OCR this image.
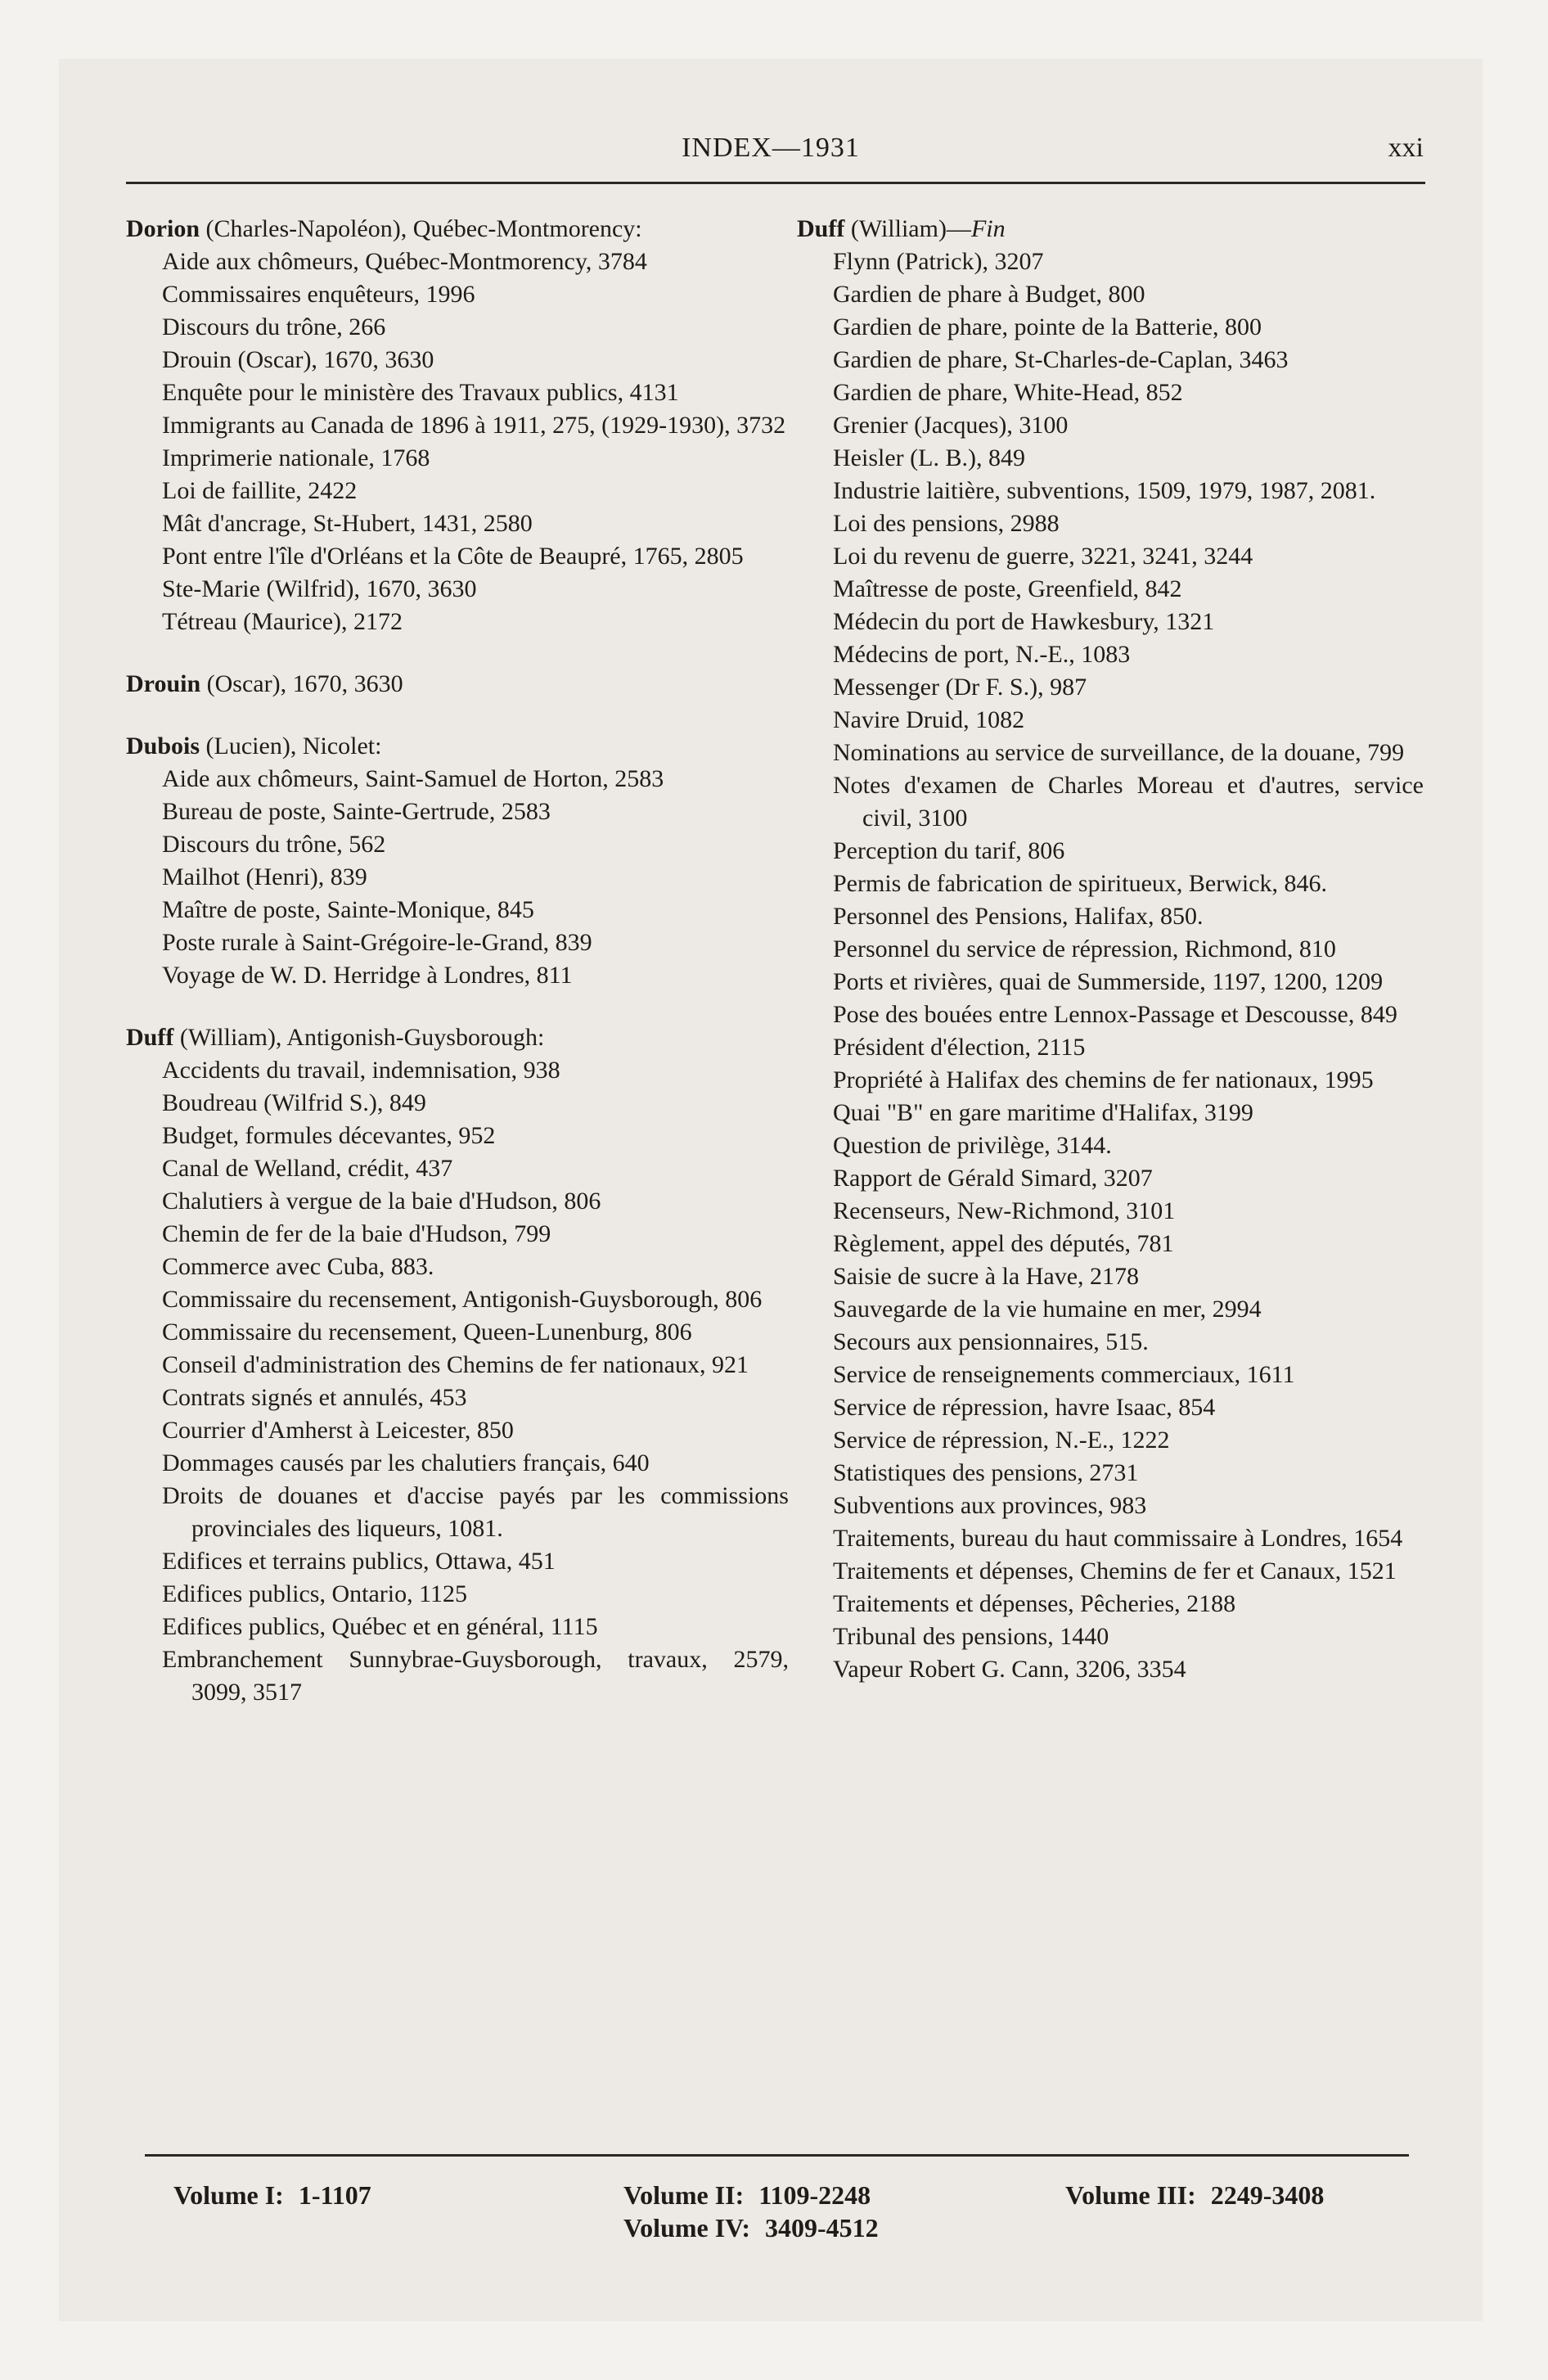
INDEX—1931	xxi
Dorion (Charles-Napoléon), Québec-Montmorency:
Aide aux chômeurs, Québec-Montmorency, 3784
Commissaires enquêteurs, 1996
Discours du trône, 266
Drouin (Oscar), 1670, 3630
Enquête pour le ministère des Travaux publics, 4131
Immigrants au Canada de 1896 à 1911, 275, (1929-1930), 3732
Imprimerie nationale, 1768
Loi de faillite, 2422
Mât d'ancrage, St-Hubert, 1431, 2580
Pont entre l'île d'Orléans et la Côte de Beaupré, 1765, 2805
Ste-Marie (Wilfrid), 1670, 3630
Tétreau (Maurice), 2172
Drouin (Oscar), 1670, 3630
Dubois (Lucien), Nicolet:
Aide aux chômeurs, Saint-Samuel de Horton, 2583
Bureau de poste, Sainte-Gertrude, 2583
Discours du trône, 562
Mailhot (Henri), 839
Maître de poste, Sainte-Monique, 845
Poste rurale à Saint-Grégoire-le-Grand, 839
Voyage de W. D. Herridge à Londres, 811
Duff (William), Antigonish-Guysborough:
Accidents du travail, indemnisation, 938
Boudreau (Wilfrid S.), 849
Budget, formules décevantes, 952
Canal de Welland, crédit, 437
Chalutiers à vergue de la baie d'Hudson, 806
Chemin de fer de la baie d'Hudson, 799
Commerce avec Cuba, 883.
Commissaire du recensement, Antigonish-Guysborough, 806
Commissaire du recensement, Queen-Lunenburg, 806
Conseil d'administration des Chemins de fer nationaux, 921
Contrats signés et annulés, 453
Courrier d'Amherst à Leicester, 850
Dommages causés par les chalutiers français, 640
Droits de douanes et d'accise payés par les commissions provinciales des liqueurs, 1081.
Edifices et terrains publics, Ottawa, 451
Edifices publics, Ontario, 1125
Edifices publics, Québec et en général, 1115
Embranchement Sunnybrae-Guysborough, travaux, 2579, 3099, 3517
Duff (William)—Fin
Flynn (Patrick), 3207
Gardien de phare à Budget, 800
Gardien de phare, pointe de la Batterie, 800
Gardien de phare, St-Charles-de-Caplan, 3463
Gardien de phare, White-Head, 852
Grenier (Jacques), 3100
Heisler (L. B.), 849
Industrie laitière, subventions, 1509, 1979, 1987, 2081.
Loi des pensions, 2988
Loi du revenu de guerre, 3221, 3241, 3244
Maîtresse de poste, Greenfield, 842
Médecin du port de Hawkesbury, 1321
Médecins de port, N.-E., 1083
Messenger (Dr F. S.), 987
Navire Druid, 1082
Nominations au service de surveillance, de la douane, 799
Notes d'examen de Charles Moreau et d'autres, service civil, 3100
Perception du tarif, 806
Permis de fabrication de spiritueux, Berwick, 846.
Personnel des Pensions, Halifax, 850.
Personnel du service de répression, Richmond, 810
Ports et rivières, quai de Summerside, 1197, 1200, 1209
Pose des bouées entre Lennox-Passage et Descousse, 849
Président d'élection, 2115
Propriété à Halifax des chemins de fer nationaux, 1995
Quai "B" en gare maritime d'Halifax, 3199
Question de privilège, 3144.
Rapport de Gérald Simard, 3207
Recenseurs, New-Richmond, 3101
Règlement, appel des députés, 781
Saisie de sucre à la Have, 2178
Sauvegarde de la vie humaine en mer, 2994
Secours aux pensionnaires, 515.
Service de renseignements commerciaux, 1611
Service de répression, havre Isaac, 854
Service de répression, N.-E., 1222
Statistiques des pensions, 2731
Subventions aux provinces, 983
Traitements, bureau du haut commissaire à Londres, 1654
Traitements et dépenses, Chemins de fer et Canaux, 1521
Traitements et dépenses, Pêcheries, 2188
Tribunal des pensions, 1440
Vapeur Robert G. Cann, 3206, 3354
Volume I: 1-1107	Volume II: 1109-2248
Volume IV: 3409-4512
Volume III: 2249-3408
